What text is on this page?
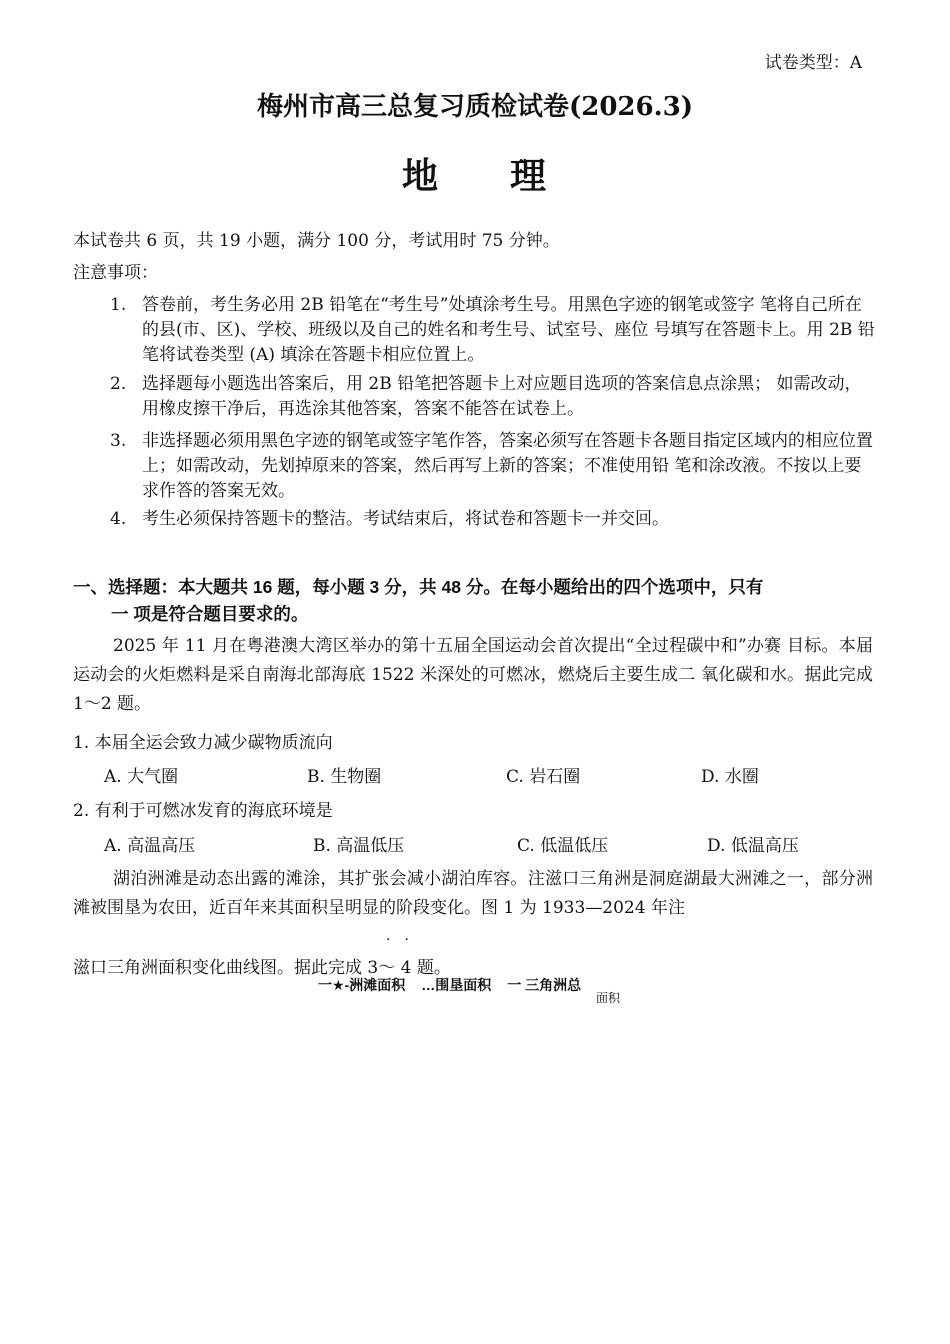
试卷类型：A
梅州市高三总复习质检试卷(2026.3)
地 理
本试卷共 6 页，共 19 小题，满分 100 分，考试用时 75 分钟。
注意事项：
1. 答卷前，考生务必用 2B 铅笔在“考生号”处填涂考生号。用黑色字迹的钢笔或签字 笔将自己所在的县(市、区)、学校、班级以及自己的姓名和考生号、试室号、座位 号填写在答题卡上。用 2B 铅笔将试卷类型 (A) 填涂在答题卡相应位置上。
2. 选择题每小题选出答案后，用 2B 铅笔把答题卡上对应题目选项的答案信息点涂黑； 如需改动，用橡皮擦干净后，再选涂其他答案，答案不能答在试卷上。
3. 非选择题必须用黑色字迹的钢笔或签字笔作答，答案必须写在答题卡各题目指定区域内的相应位置上；如需改动，先划掉原来的答案，然后再写上新的答案；不准使用铅 笔和涂改液。不按以上要求作答的答案无效。
4. 考生必须保持答题卡的整洁。考试结束后，将试卷和答题卡一并交回。
一、选择题：本大题共 16 题，每小题 3 分，共 48 分。在每小题给出的四个选项中，只有
一 项是符合题目要求的。
2025 年 11 月在粤港澳大湾区举办的第十五届全国运动会首次提出“全过程碳中和”办赛 目标。本届运动会的火炬燃料是采自南海北部海底 1522 米深处的可燃冰，燃烧后主要生成二 氧化碳和水。据此完成 1～2 题。
1. 本届全运会致力减少碳物质流向
A. 大气圈	B. 生物圈	C. 岩石圈	D. 水圈
2. 有利于可燃冰发育的海底环境是
A. 高温高压	B. 高温低压	C. 低温低压	D. 低温高压
湖泊洲滩是动态出露的滩涂，其扩张会减小湖泊库容。注滋口三角洲是洞庭湖最大洲滩之一，部分洲滩被围垦为农田，近百年来其面积呈明显的阶段变化。图 1 为 1933—2024 年注
··
滋口三角洲面积变化曲线图。据此完成 3～ 4 题。
一★-洲滩面积 …围垦面积 一 三角洲总
面积
